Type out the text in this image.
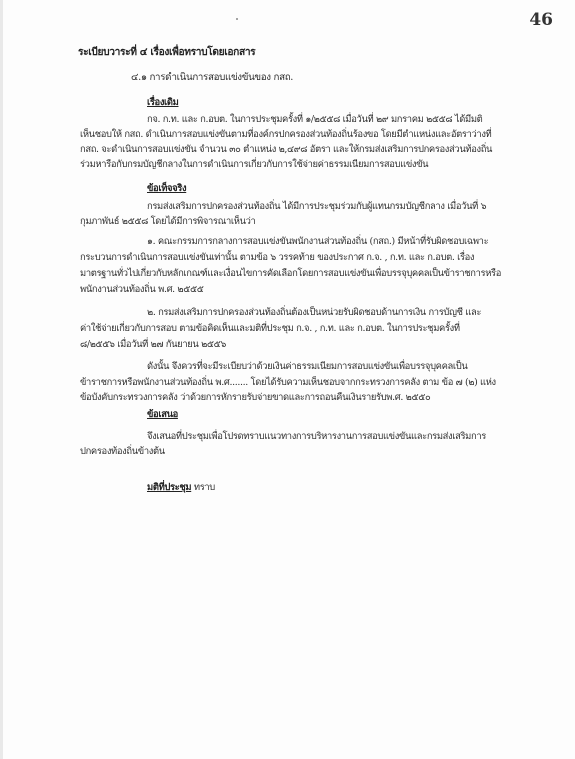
46
ระเบียบวาระที่ ๔ เรื่องเพื่อทราบโดยเอกสาร
๔.๑ การดำเนินการสอบแข่งขันของ กสถ.
เรื่องเดิม
กจ. ก.ท. และ ก.อบต. ในการประชุมครั้งที่ ๑/๒๕๕๘ เมื่อวันที่ ๒๙ มกราคม ๒๕๕๘ ได้มีมติ
เห็นชอบให้ กสถ. ดำเนินการสอบแข่งขันตามที่องค์กรปกครองส่วนท้องถิ่นร้องขอ โดยมีตำแหน่งและอัตราว่างที่
กสถ. จะดำเนินการสอบแข่งขัน จำนวน ๓๐ ตำแหน่ง ๒,๔๙๘ อัตรา และให้กรมส่งเสริมการปกครองส่วนท้องถิ่น
ร่วมหารือกับกรมบัญชีกลางในการดำเนินการเกี่ยวกับการใช้จ่ายค่าธรรมเนียมการสอบแข่งขัน
ข้อเท็จจริง
กรมส่งเสริมการปกครองส่วนท้องถิ่น ได้มีการประชุมร่วมกับผู้แทนกรมบัญชีกลาง เมื่อวันที่ ๖
กุมภาพันธ์ ๒๕๕๘ โดยได้มีการพิจารณาเห็นว่า
๑. คณะกรรมการกลางการสอบแข่งขันพนักงานส่วนท้องถิ่น (กสถ.) มีหน้าที่รับผิดชอบเฉพาะ
กระบวนการดำเนินการสอบแข่งขันเท่านั้น ตามข้อ ๖ วรรคท้าย ของประกาศ ก.จ. , ก.ท. และ ก.อบต. เรื่อง
มาตรฐานทั่วไปเกี่ยวกับหลักเกณฑ์และเงื่อนไขการคัดเลือกโดยการสอบแข่งขันเพื่อบรรจุบุคคลเป็นข้าราชการหรือ
พนักงานส่วนท้องถิ่น พ.ศ. ๒๕๕๕
๒. กรมส่งเสริมการปกครองส่วนท้องถิ่นต้องเป็นหน่วยรับผิดชอบด้านการเงิน การบัญชี และ
ค่าใช้จ่ายเกี่ยวกับการสอบ ตามข้อคิดเห็นและมติที่ประชุม ก.จ. , ก.ท. และ ก.อบต. ในการประชุมครั้งที่
๘/๒๕๕๖ เมื่อวันที่ ๒๗ กันยายน ๒๕๕๖
ดังนั้น จึงควรที่จะมีระเบียบว่าด้วยเงินค่าธรรมเนียมการสอบแข่งขันเพื่อบรรจุบุคคลเป็น
ข้าราชการหรือพนักงานส่วนท้องถิ่น พ.ศ....... โดยได้รับความเห็นชอบจากกระทรวงการคลัง ตาม ข้อ ๗ (๒) แห่ง
ข้อบังคับกระทรวงการคลัง ว่าด้วยการหักรายรับจ่ายขาดและการถอนคืนเงินรายรับพ.ศ. ๒๕๕๐
ข้อเสนอ
จึงเสนอที่ประชุมเพื่อโปรดทราบแนวทางการบริหารงานการสอบแข่งขันและกรมส่งเสริมการ
ปกครองท้องถิ่นข้างต้น
มติที่ประชุม ทราบ
